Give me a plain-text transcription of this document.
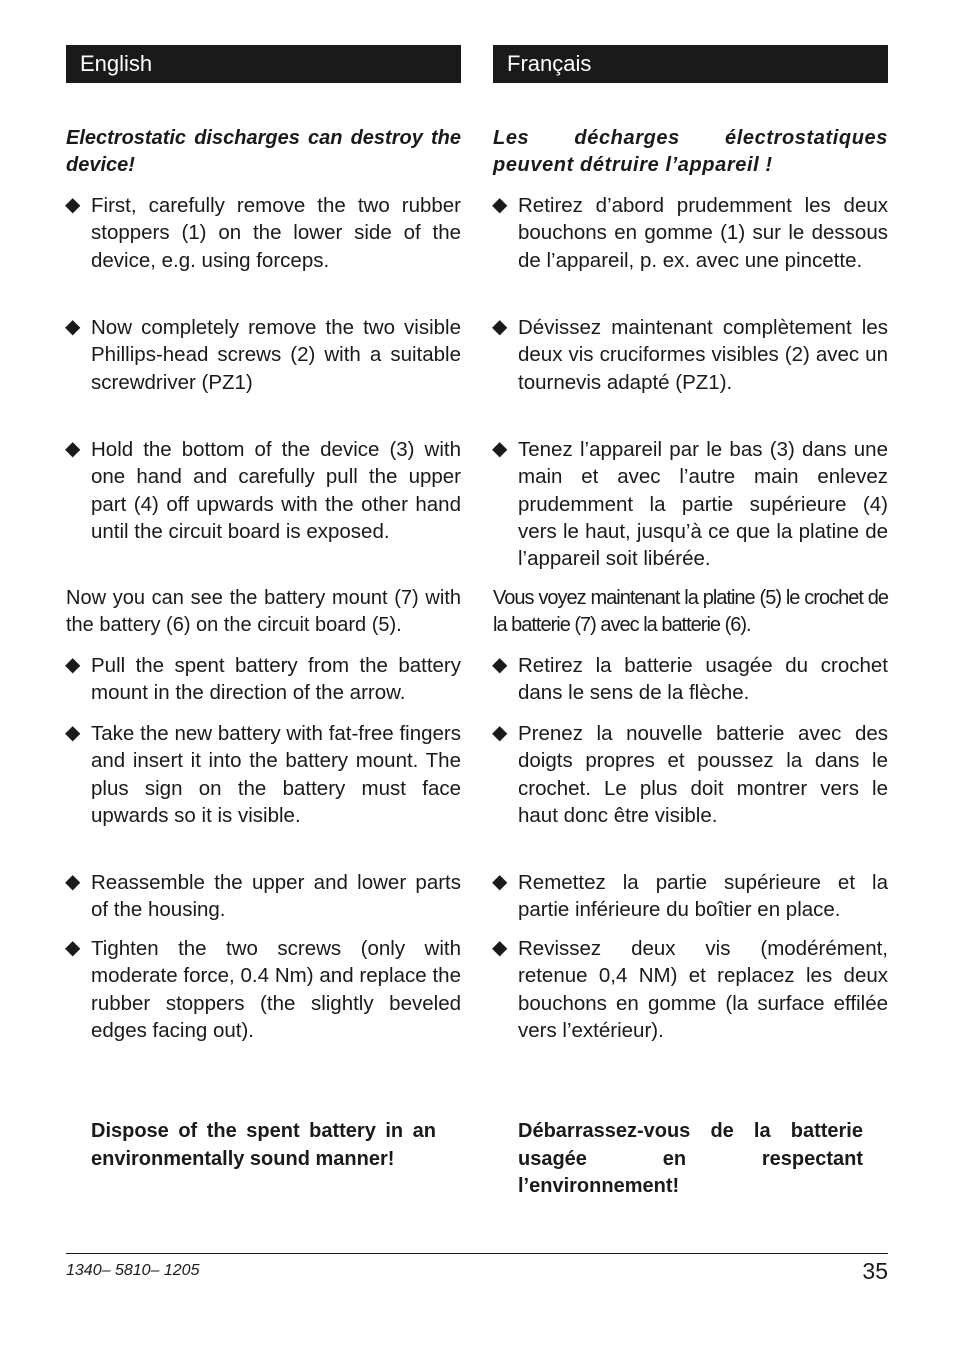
English
Electrostatic discharges can destroy the device!
◆ First, carefully remove the two rubber stoppers (1) on the lower side of the device, e.g. using forceps.
◆ Now completely remove the two visible Phillips-head screws (2) with a suitable screwdriver (PZ1)
◆ Hold the bottom of the device (3) with one hand and carefully pull the upper part (4) off upwards with the other hand until the circuit board is exposed.
Now you can see the battery mount (7) with the battery (6) on the circuit board (5).
◆ Pull the spent battery from the battery mount in the direction of the arrow.
◆ Take the new battery with fat-free fingers and insert it into the battery mount. The plus sign on the battery must face upwards so it is visible.
◆ Reassemble the upper and lower parts of the housing.
◆ Tighten the two screws (only with moderate force, 0.4 Nm) and replace the rubber stoppers (the slightly beveled edges facing out).
Dispose of the spent battery in an environmentally sound manner!
Français
Les décharges électrostatiques peuvent détruire l’appareil !
◆ Retirez d’abord prudemment les deux bouchons en gomme (1) sur le dessous de l’appareil, p. ex. avec une pincette.
◆ Dévissez maintenant complètement les deux vis cruciformes visibles (2) avec un tournevis adapté (PZ1).
◆ Tenez l’appareil par le bas (3) dans une main et avec l’autre main enlevez prudemment la partie supérieure (4) vers le haut, jusqu’à ce que la platine de l’appareil soit libérée.
Vous voyez maintenant la platine (5) le crochet de la batterie (7) avec la batterie (6).
◆ Retirez la batterie usagée du crochet dans le sens de la flèche.
◆ Prenez la nouvelle batterie avec des doigts propres et poussez la dans le crochet. Le plus doit montrer vers le haut donc être visible.
◆ Remettez la partie supérieure et la partie inférieure du boîtier en place.
◆ Revissez deux vis (modérément, retenue 0,4 NM) et replacez les deux bouchons en gomme (la surface effilée vers l’extérieur).
Débarrassez-vous de la batterie usagée en respectant l’environnement!
1340– 5810– 1205	35
